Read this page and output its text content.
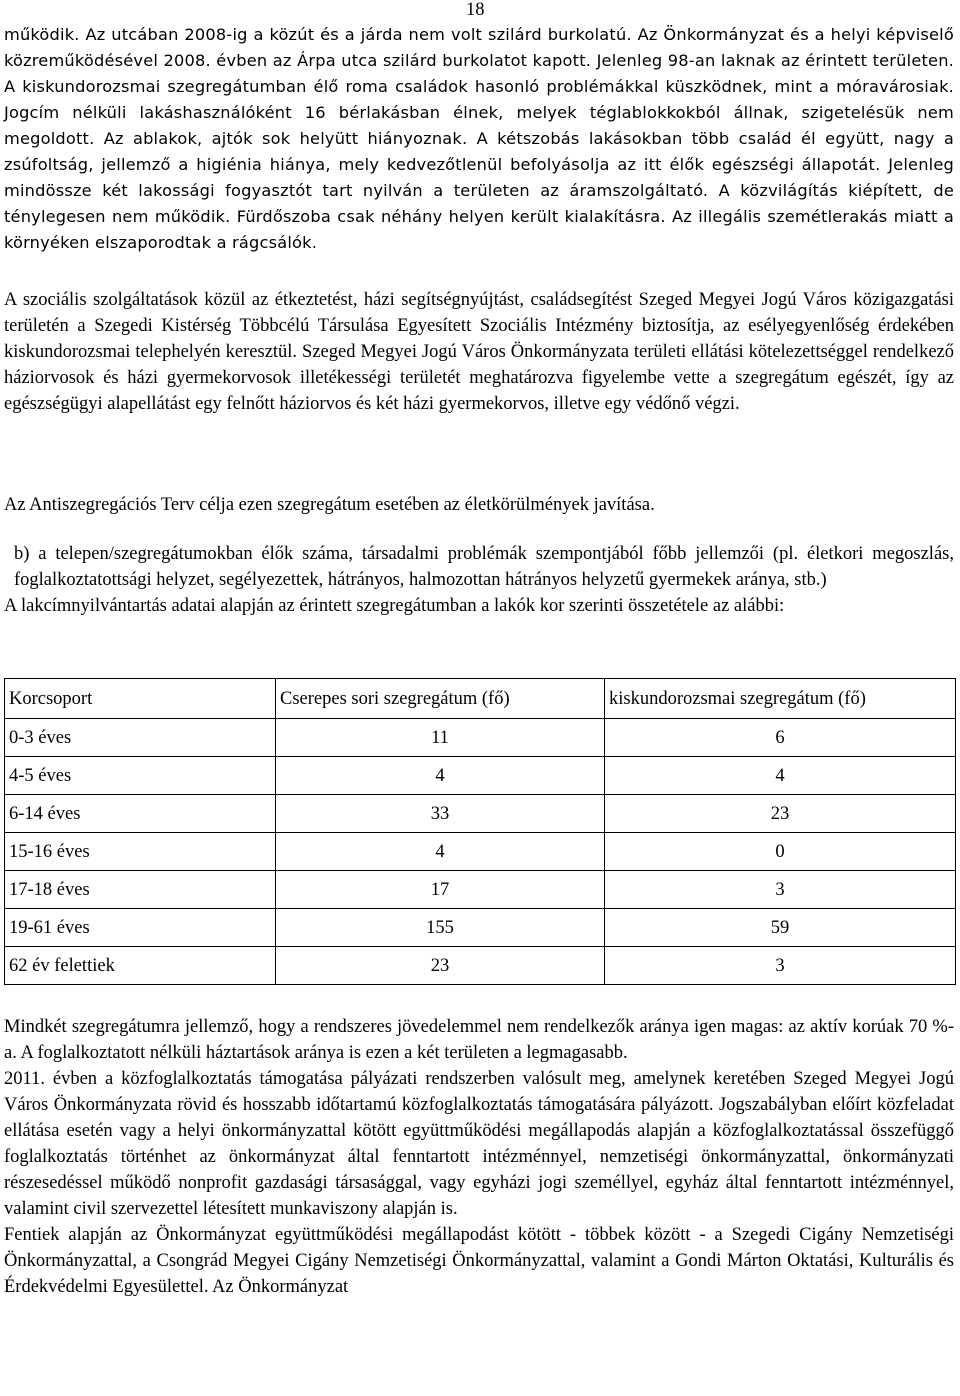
18
működik. Az utcában 2008-ig a közút és a járda nem volt szilárd burkolatú. Az Önkormányzat és a helyi képviselő közreműködésével 2008. évben az Árpa utca szilárd burkolatot kapott. Jelenleg 98-an laknak az érintett területen. A kiskundorozsmai szegregátumban élő roma családok hasonló problémákkal küszködnek, mint a móravárosiak. Jogcím nélküli lakáshasználóként 16 bérlakásban élnek, melyek téglablokkokból állnak, szigetelésük nem megoldott. Az ablakok, ajtók sok helyütt hiányoznak. A kétszobás lakásokban több család él együtt, nagy a zsúfoltság, jellemző a higiénia hiánya, mely kedvezőtlenül befolyásolja az itt élők egészségi állapotát. Jelenleg mindössze két lakossági fogyasztót tart nyilván a területen az áramszolgáltató. A közvilágítás kiépített, de ténylegesen nem működik. Fürdőszoba csak néhány helyen került kialakításra. Az illegális szemétlerakás miatt a környéken elszaporodtak a rágcsálók.
A szociális szolgáltatások közül az étkeztetést, házi segítségnyújtást, családsegítést Szeged Megyei Jogú Város közigazgatási területén a Szegedi Kistérség Többcélú Társulása Egyesített Szociális Intézmény biztosítja, az esélyegyenlőség érdekében kiskundorozsmai telephelyén keresztül. Szeged Megyei Jogú Város Önkormányzata területi ellátási kötelezettséggel rendelkező háziorvosok és házi gyermekorvosok illetékességi területét meghatározva figyelembe vette a szegregátum egészét, így az egészségügyi alapellátást egy felnőtt háziorvos és két házi gyermekorvos, illetve egy védőnő végzi.
Az Antiszegregációs Terv célja ezen szegregátum esetében az életkörülmények javítása.
b) a telepen/szegregátumokban élők száma, társadalmi problémák szempontjából főbb jellemzői (pl. életkori megoszlás, foglalkoztatottsági helyzet, segélyezettek, hátrányos, halmozottan hátrányos helyzetű gyermekek aránya, stb.)

A lakcímnyilvántartás adatai alapján az érintett szegregátumban a lakók kor szerinti összetétele az alábbi:

Korcsoport	Cserepes sori szegregátum (fő)	kiskundorozsmai szegregátum (fő)
0-3 éves	11	6
4-5 éves	4	4
6-14 éves	33	23
15-16 éves	4	0
17-18 éves	17	3
19-61 éves	155	59
62 év felettiek	23	3

Mindkét szegregátumra jellemző, hogy a rendszeres jövedelemmel nem rendelkezők aránya igen magas: az aktív korúak 70 %-a. A foglalkoztatott nélküli háztartások aránya is ezen a két területen a legmagasabb.

2011. évben a közfoglalkoztatás támogatása pályázati rendszerben valósult meg, amelynek keretében Szeged Megyei Jogú Város Önkormányzata rövid és hosszabb időtartamú közfoglalkoztatás támogatására pályázott. Jogszabályban előírt közfeladat ellátása esetén vagy a helyi önkormányzattal kötött együttműködési megállapodás alapján a közfoglalkoztatással összefüggő foglalkoztatás történhet az önkormányzat által fenntartott intézménnyel, nemzetiségi önkormányzattal, önkormányzati részesedéssel működő nonprofit gazdasági társasággal, vagy egyházi jogi személlyel, egyház által fenntartott intézménnyel, valamint civil szervezettel létesített munkaviszony alapján is.

Fentiek alapján az Önkormányzat együttműködési megállapodást kötött - többek között - a Szegedi Cigány Nemzetiségi Önkormányzattal, a Csongrád Megyei Cigány Nemzetiségi Önkormányzattal, valamint a Gondi Márton Oktatási, Kulturális és Érdekvédelmi Egyesülettel. Az Önkormányzat
